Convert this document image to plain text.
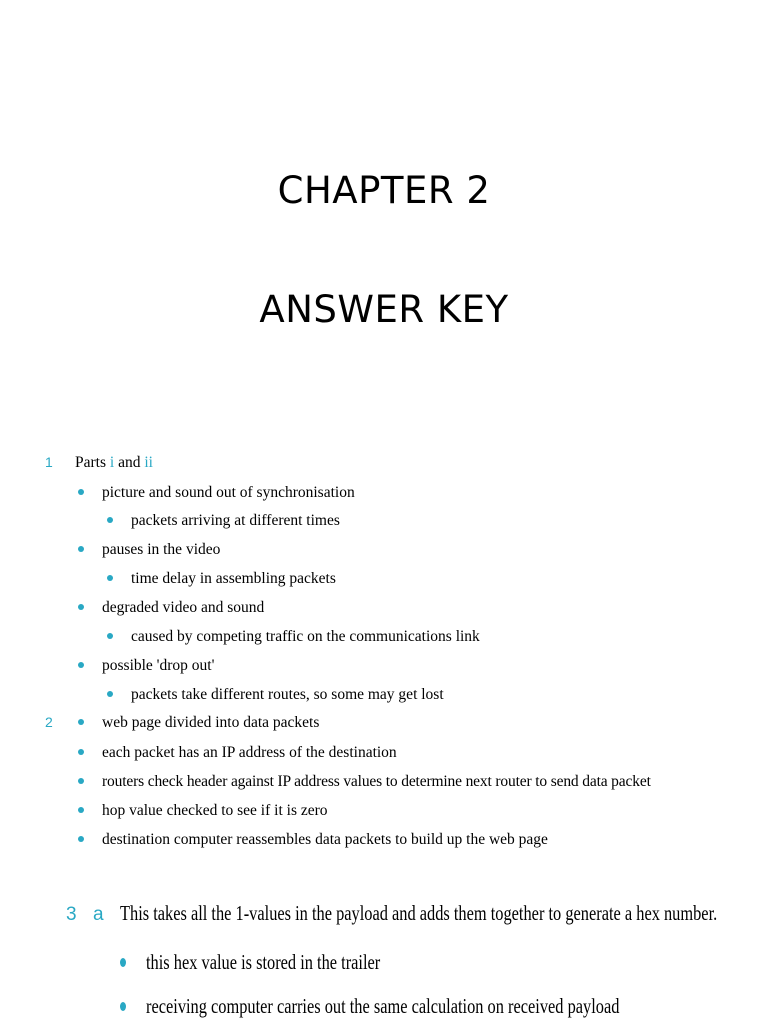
CHAPTER 2
ANSWER KEY
1 Parts i and ii
picture and sound out of synchronisation
packets arriving at different times
pauses in the video
time delay in assembling packets
degraded video and sound
caused by competing traffic on the communications link
possible 'drop out'
packets take different routes, so some may get lost
2	web page divided into data packets
each packet has an IP address of the destination
routers check header against IP address values to determine next router to send data packet
hop value checked to see if it is zero
destination computer reassembles data packets to build up the web page
3 a This takes all the 1-values in the payload and adds them together to generate a hex number.
this hex value is stored in the trailer
receiving computer carries out the same calculation on received payload
